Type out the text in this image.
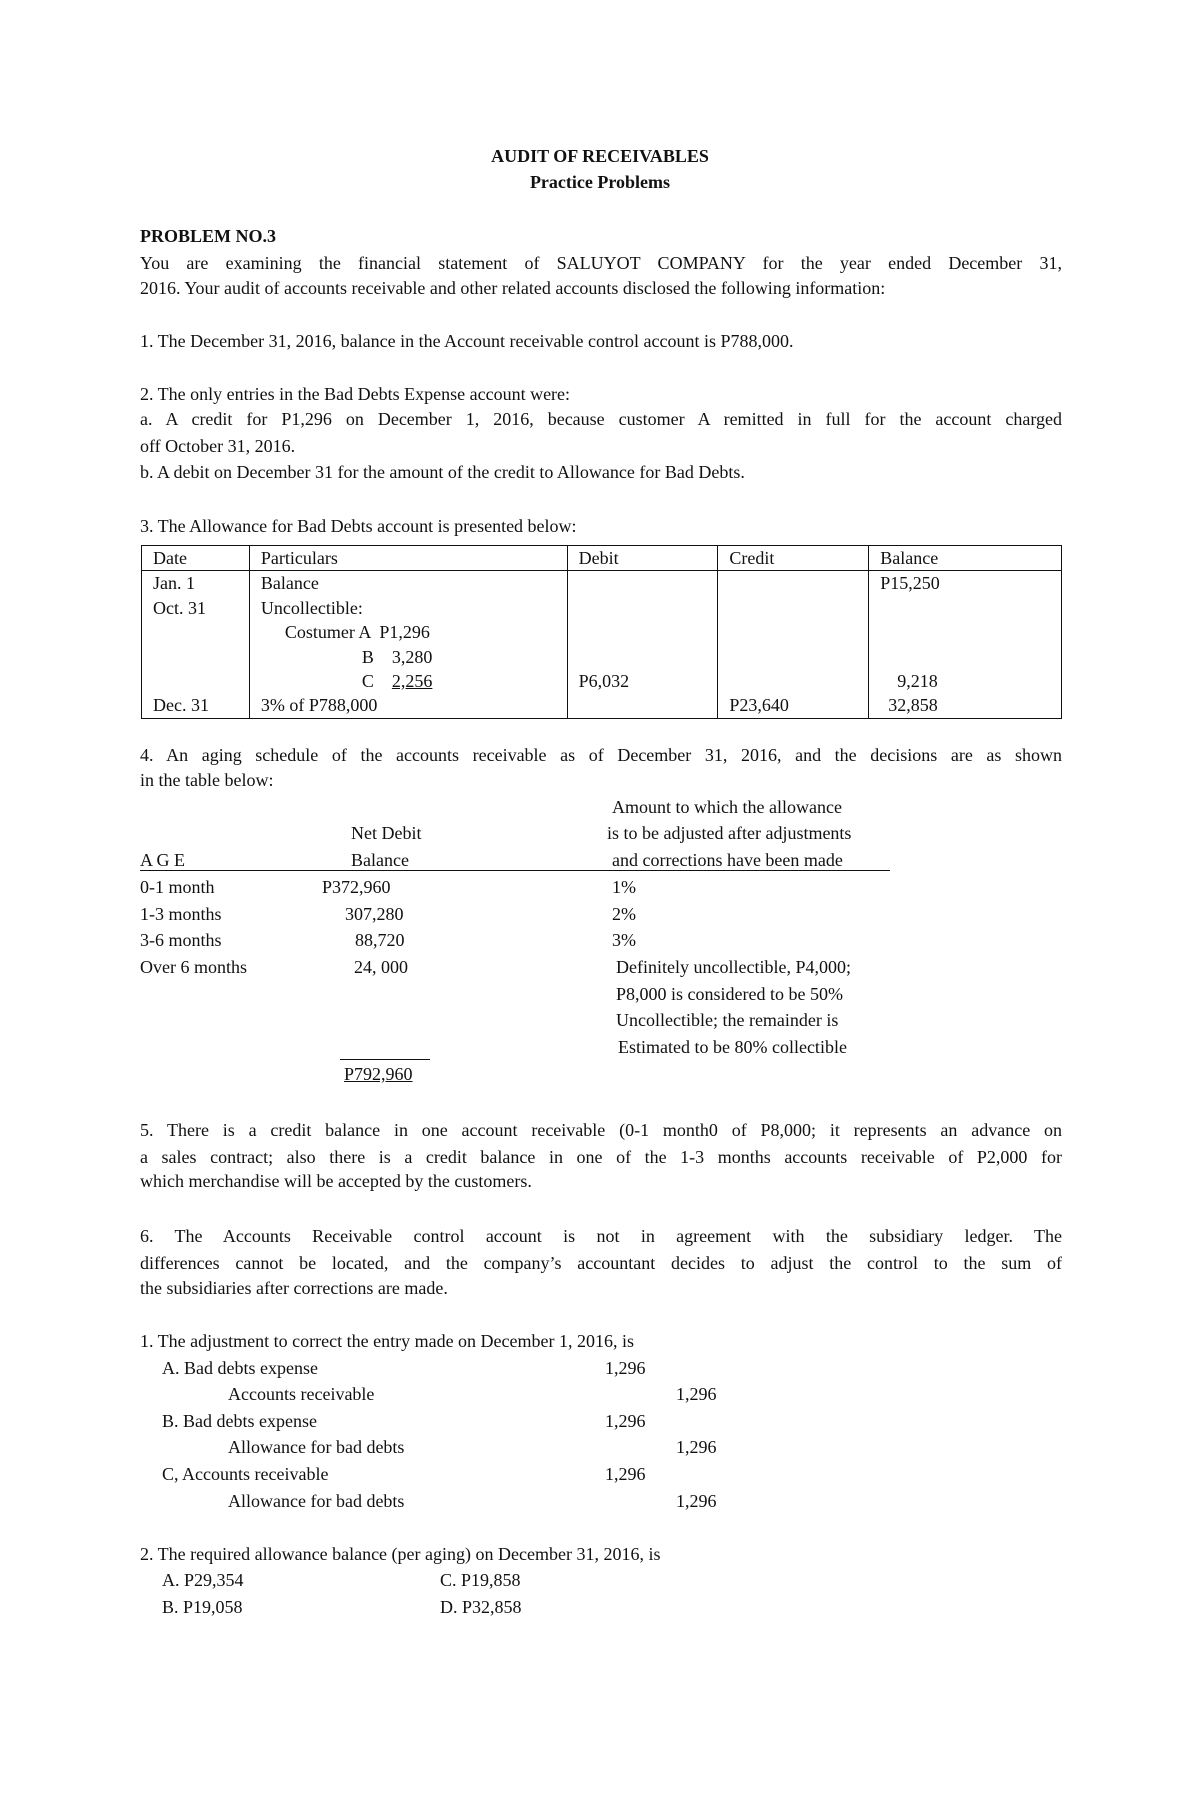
AUDIT OF RECEIVABLES
Practice Problems
PROBLEM NO.3
You are examining the financial statement of SALUYOT COMPANY for the year ended December 31,
2016. Your audit of accounts receivable and other related accounts disclosed the following information:
1. The December 31, 2016, balance in the Account receivable control account is P788,000.
2. The only entries in the Bad Debts Expense account were:
a. A credit for P1,296 on December 1, 2016, because customer A remitted in full for the account charged
off October 31, 2016.
b. A debit on December 31 for the amount of the credit to Allowance for Bad Debts.
3. The Allowance for Bad Debts account is presented below:
Date	Particulars	Debit	Credit	Balance
Jan. 1	Balance			P15,250
Oct. 31	Uncollectible:			
	Costumer A  P1,296			
	B    3,280			
	C    2,256	P6,032		9,218
Dec. 31	3% of P788,000		P23,640	32,858
4. An aging schedule of the accounts receivable as of December 31, 2016, and the decisions are as shown
in the table below:
Amount to which the allowance
Net Debit	is to be adjusted after adjustments
A G E	Balance	and corrections have been made
0-1 month	P372,960	1%
1-3 months	307,280	2%
3-6 months	88,720	3%
Over 6 months	24, 000	Definitely uncollectible, P4,000;
P8,000 is considered to be 50%
Uncollectible; the remainder is
Estimated to be 80% collectible
P792,960
5. There is a credit balance in one account receivable (0-1 month0 of P8,000; it represents an advance on
a sales contract; also there is a credit balance in one of the 1-3 months accounts receivable of P2,000 for
which merchandise will be accepted by the customers.
6. The Accounts Receivable control account is not in agreement with the subsidiary ledger. The
differences cannot be located, and the company’s accountant decides to adjust the control to the sum of
the subsidiaries after corrections are made.
1. The adjustment to correct the entry made on December 1, 2016, is
A. Bad debts expense	1,296
Accounts receivable	1,296
B. Bad debts expense	1,296
Allowance for bad debts	1,296
C, Accounts receivable	1,296
Allowance for bad debts	1,296
2. The required allowance balance (per aging) on December 31, 2016, is
A. P29,354	C. P19,858
B. P19,058	D. P32,858
